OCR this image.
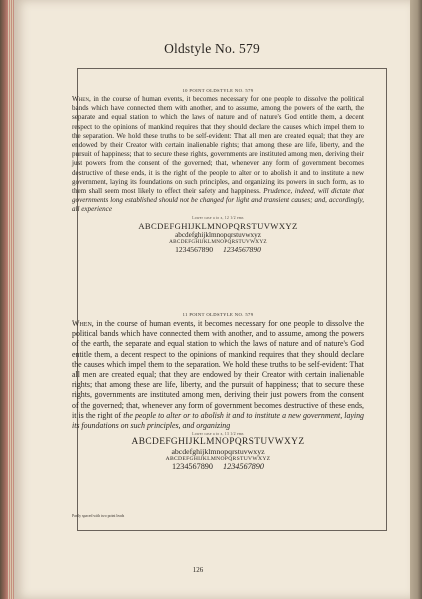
Oldstyle No. 579
10 POINT OLDSTYLE NO. 579
When, in the course of human events, it becomes necessary for one people to dissolve the political bands which have connected them with another, and to assume, among the powers of the earth, the separate and equal station to which the laws of nature and of nature's God entitle them, a decent respect to the opinions of mankind requires that they should declare the causes which impel them to the separation. We hold these truths to be self-evident: That all men are created equal; that they are endowed by their Creator with certain inalienable rights; that among these are life, liberty, and the pursuit of happiness; that to secure these rights, governments are instituted among men, deriving their just powers from the consent of the governed; that, whenever any form of government becomes destructive of these ends, it is the right of the people to alter or to abolish it and to institute a new government, laying its foundations on such principles, and organizing its powers in such form, as to them shall seem most likely to effect their safety and happiness. Prudence, indeed, will dictate that governments long established should not be changed for light and transient causes; and, accordingly, all experience
Lower case a to z, 12 1/2 ems
ABCDEFGHIJKLMNOPQRSTUVWXYZ
abcdefghijklmnopqrstuvwxyz
ABCDEFGHIJKLMNOPQRSTUVWXYZ
1234567890 1234567890
11 POINT OLDSTYLE NO. 579
When, in the course of human events, it becomes necessary for one people to dissolve the political bands which have connected them with another, and to assume, among the powers of the earth, the separate and equal station to which the laws of nature and of nature's God entitle them, a decent respect to the opinions of mankind requires that they should declare the causes which impel them to the separation. We hold these truths to be self-evident: That all men are created equal; that they are endowed by their Creator with certain inalienable rights; that among these are life, liberty, and the pursuit of happiness; that to secure these rights, governments are instituted among men, deriving their just powers from the consent of the governed; that, whenever any form of government becomes destructive of these ends, it is the right of the people to alter or to abolish it and to institute a new government, laying its foundations on such principles, and organizing
Lower case a to z, 13 1/2 ems
ABCDEFGHIJKLMNOPQRSTUVWXYZ
abcdefghijklmnopqrstuvwxyz
ABCDEFGHIJKLMNOPQRSTUVWXYZ
1234567890 1234567890
Partly spaced with two point leads
126
